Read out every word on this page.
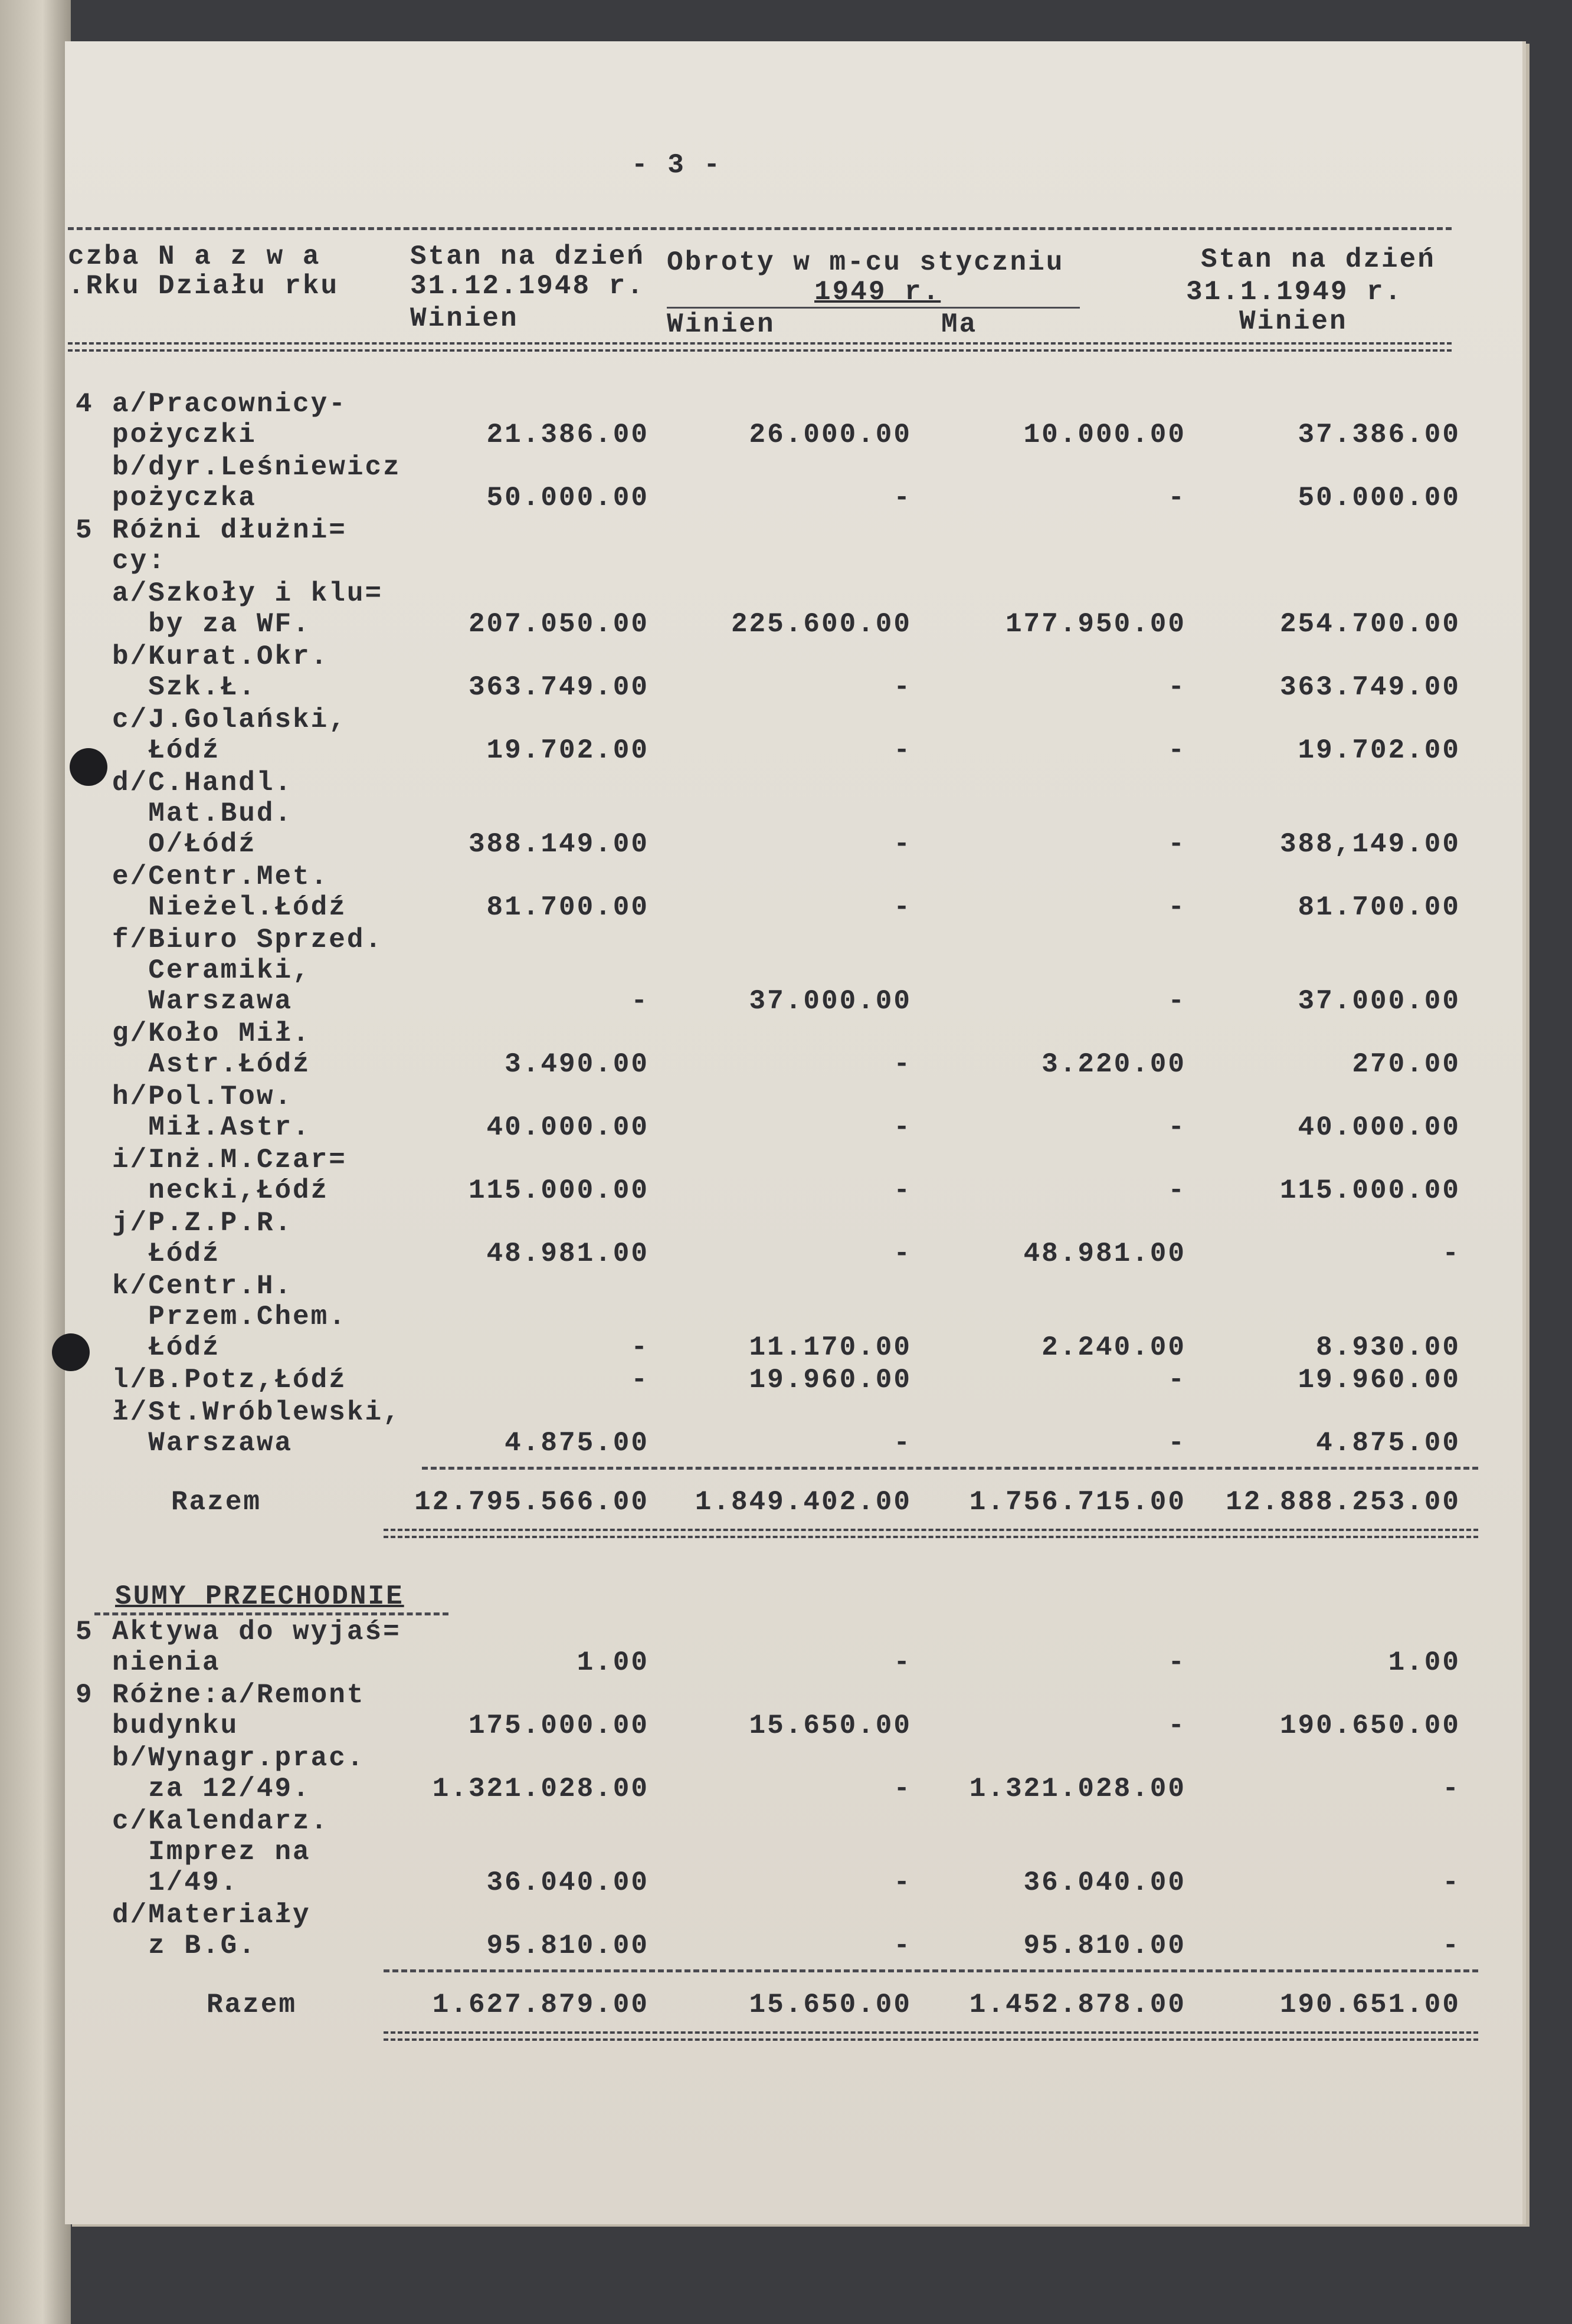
- 3 -
czba N a z w a
.Rku Działu rku
Stan na dzień
31.12.1948 r.
Winien
Obroty w m-cu styczniu
1949 r.
Winien	Ma
Stan na dzień
31.1.1949 r.
Winien
4 a/Pracownicy-
pożyczki	21.386.00	26.000.00	10.000.00	37.386.00
b/dyr.Leśniewicz
pożyczka	50.000.00	-	-	50.000.00
5 Różni dłużni=
cy:
a/Szkoły i klu=
by za WF.	207.050.00	225.600.00	177.950.00	254.700.00
b/Kurat.Okr.
Szk.Ł.	363.749.00	-	-	363.749.00
c/J.Golański,
Łódź	19.702.00	-	-	19.702.00
d/C.Handl.
Mat.Bud.
O/Łódź	388.149.00	-	-	388,149.00
e/Centr.Met.
Nieżel.Łódź	81.700.00	-	-	81.700.00
f/Biuro Sprzed.
Ceramiki,
Warszawa	-	37.000.00	-	37.000.00
g/Koło Mił.
Astr.Łódź	3.490.00	-	3.220.00	270.00
h/Pol.Tow.
Mił.Astr.	40.000.00	-	-	40.000.00
i/Inż.M.Czar=
necki,Łódź	115.000.00	-	-	115.000.00
j/P.Z.P.R.
Łódź	48.981.00	-	48.981.00	-
k/Centr.H.
Przem.Chem.
Łódź	-	11.170.00	2.240.00	8.930.00
l/B.Potz,Łódź	-	19.960.00	-	19.960.00
ł/St.Wróblewski,
Warszawa	4.875.00	-	-	4.875.00
Razem	12.795.566.00 1.849.402.00 1.756.715.00 12.888.253.00
SUMY PRZECHODNIE
5 Aktywa do wyjaś=
nienia	1.00	-	-	1.00
9 Różne:a/Remont
budynku	175.000.00	15.650.00	-	190.650.00
b/Wynagr.prac.
za 12/49.	1.321.028.00	- 1.321.028.00	-
c/Kalendarz.
Imprez na
1/49.	36.040.00	-	36.040.00	-
d/Materiały
z B.G.	95.810.00	-	95.810.00	-
Razem	1.627.879.00	15.650.00 1.452.878.00	190.651.00
